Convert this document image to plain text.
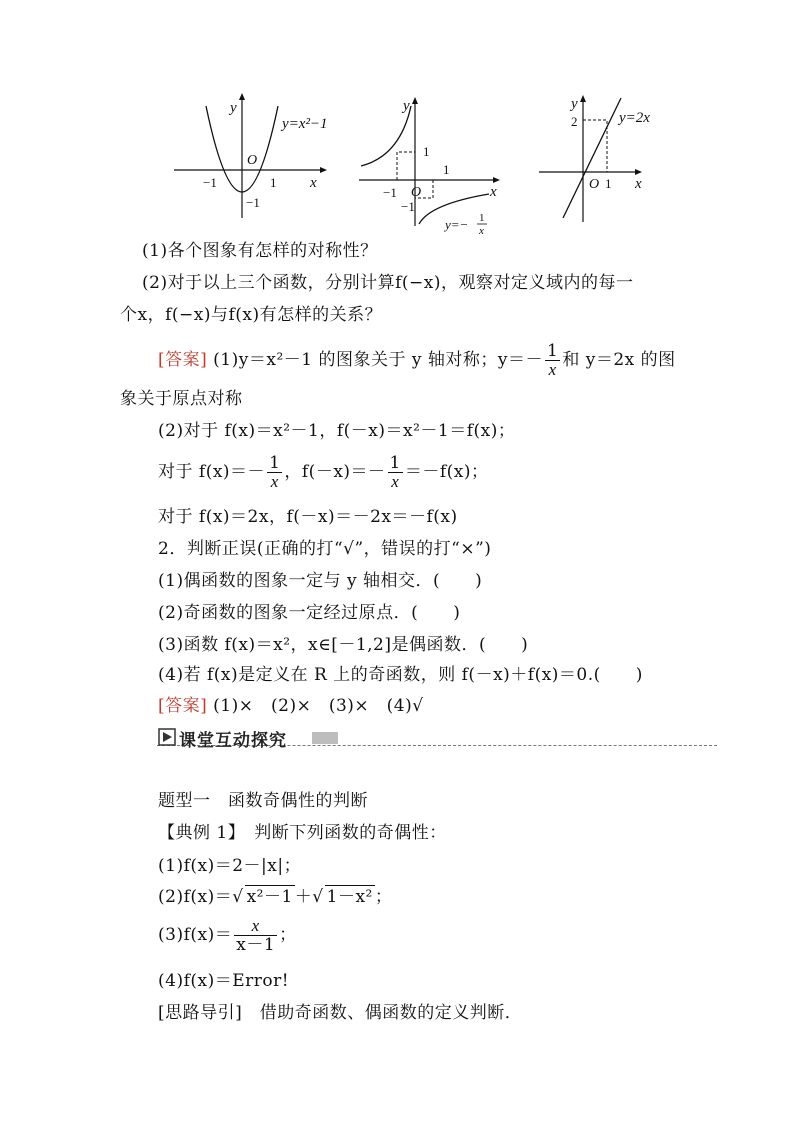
y
y=x²−1
O
−1	1
−1
x
y
1
1
−1 O
−1
x
y=− 1
x
y
2	y=2x
O 1 x
(1)各个图象有怎样的对称性？
(2)对于以上三个函数，分别计算f(−x)，观察对定义域内的每一
个x，f(−x)与f(x)有怎样的关系？
[答案] (1)y＝x²－1 的图象关于 y 轴对称；$y=- \frac{1}{x}$ 和 y＝2x 的图
象关于原点对称
(2)对于 f(x)＝x²－1，f(－x)＝x²－1＝f(x)；
对于 $f(x)=- \frac{1}{x}$ ，$f(-x)=- \frac{1}{x} =-f(x)$；
对于 f(x)＝2x，f(－x)＝－2x＝－f(x)
2．判断正误(正确的打“√”，错误的打“×”)
(1)偶函数的图象一定与 y 轴相交．(　　)
(2)奇函数的图象一定经过原点．(　　)
(3)函数 f(x)＝x²，x∈[－1,2]是偶函数．(　　)
(4)若 f(x)是定义在 R 上的奇函数，则 f(－x)＋f(x)＝0.(　　)
[答案] (1)×　(2)×　(3)×　(4)√
课堂互动探究
题型一　函数奇偶性的判断
【典例 1】　判断下列函数的奇偶性：
(1)f(x)＝2－|x|；
(2)f(x)＝√ x²－1 ＋√ 1－x² ；
$(3)f(x)= \frac{x}{x-1}$ ；
(4)f(x)＝Error!
[思路导引]　借助奇函数、偶函数的定义判断．
